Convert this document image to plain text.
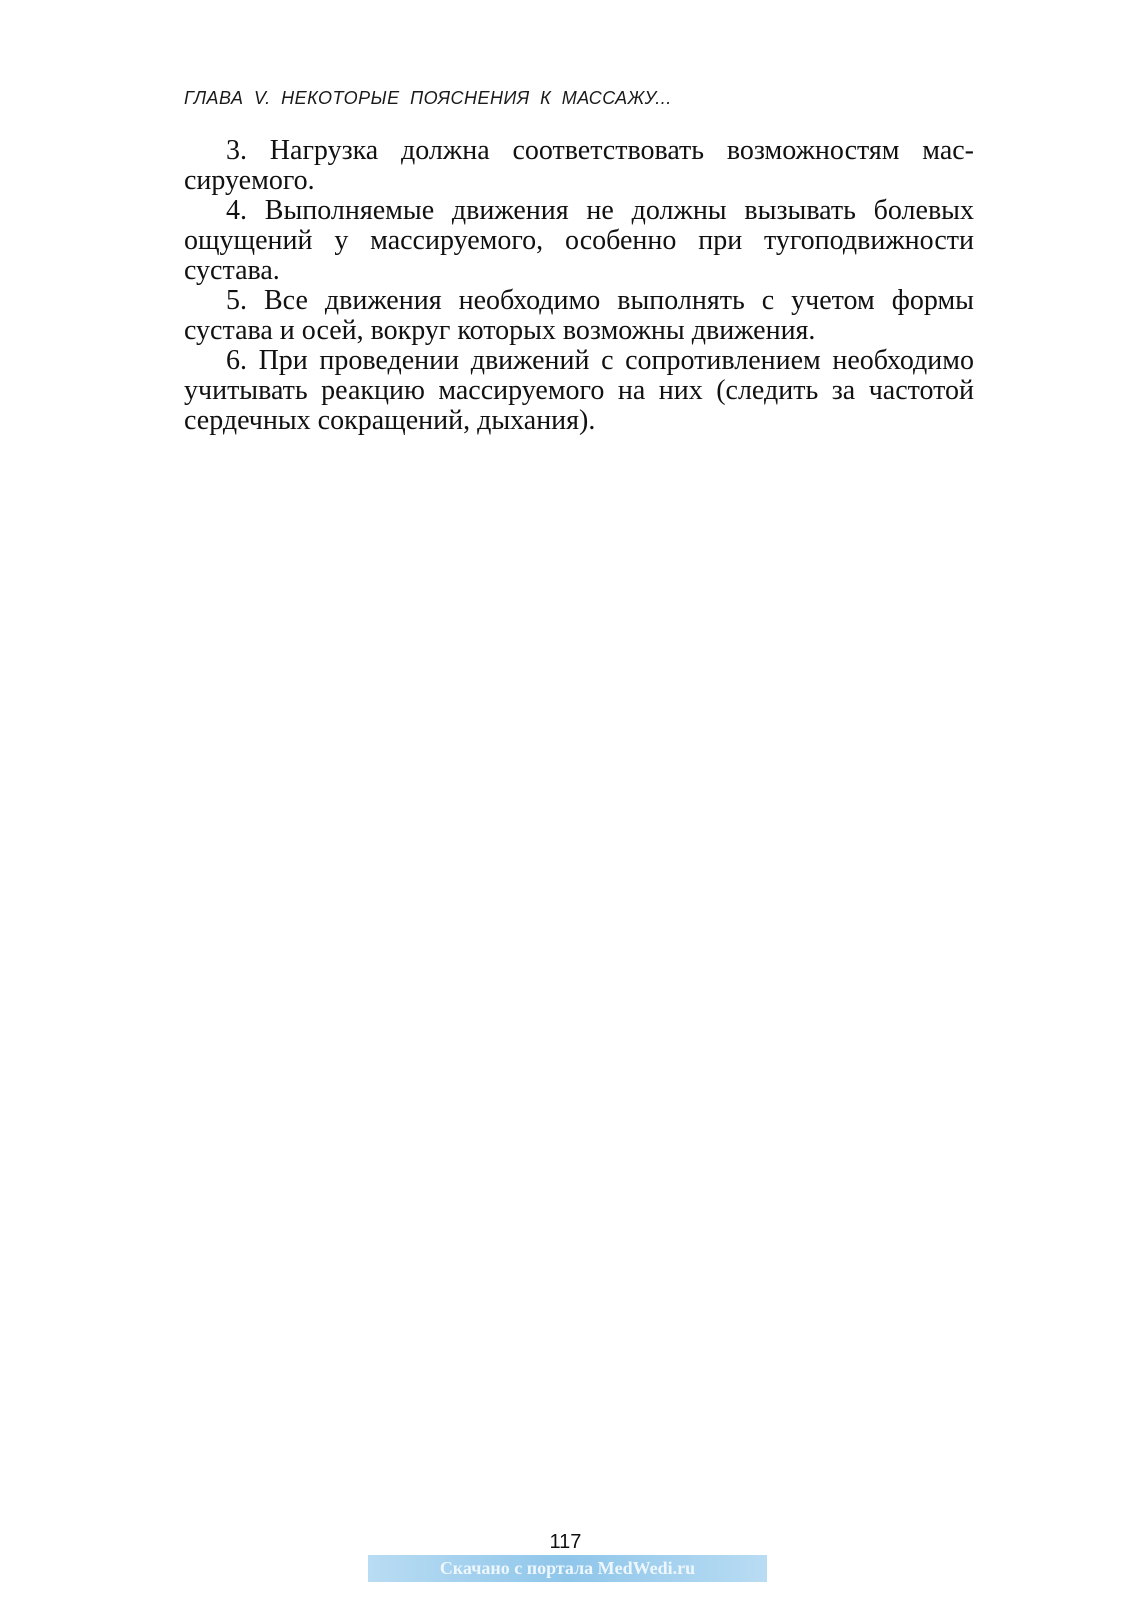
ГЛАВА V. НЕКОТОРЫЕ ПОЯСНЕНИЯ К МАССАЖУ...

3. Нагрузка должна соответствовать возможностям массируемого.

4. Выполняемые движения не должны вызывать болевых ощущений у массируемого, особенно при тугоподвижности сустава.

5. Все движения необходимо выполнять с учетом формы сустава и осей, вокруг которых возможны движения.

6. При проведении движений с сопротивлением необходимо учитывать реакцию массируемого на них (следить за частотой сердечных сокращений, дыхания).

117
Скачано с портала MedWedi.ru
